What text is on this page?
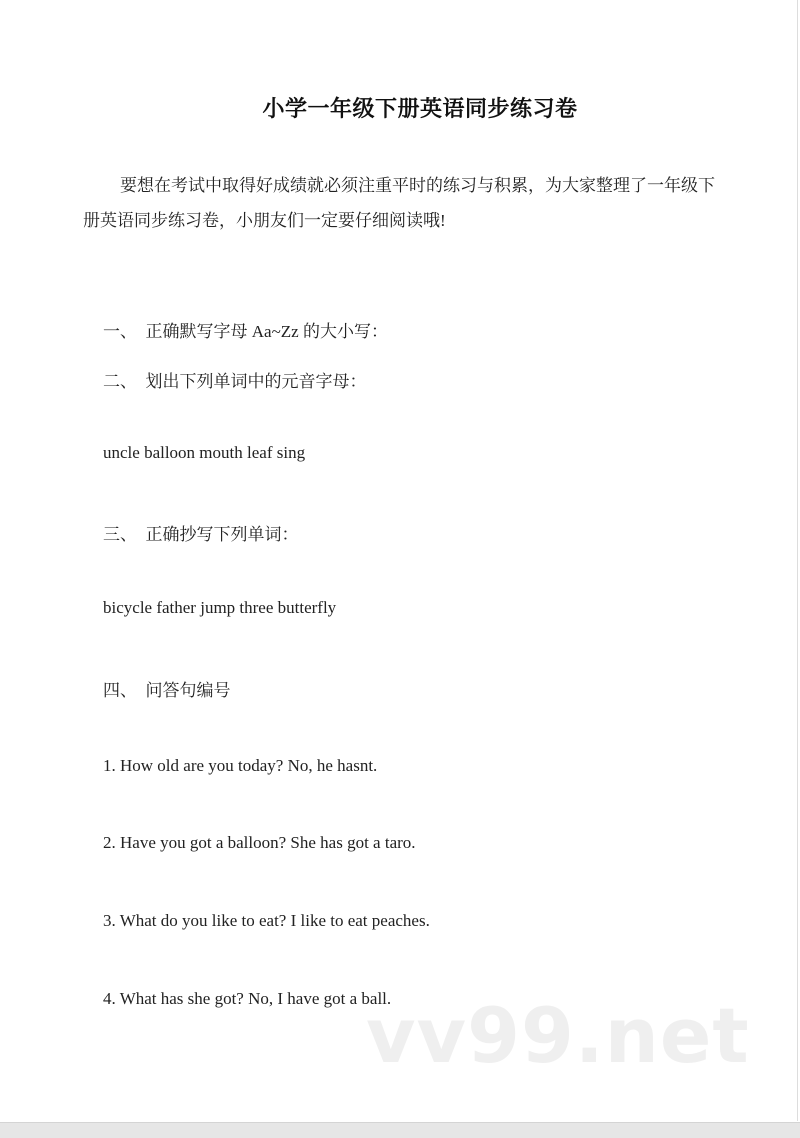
小学一年级下册英语同步练习卷
要想在考试中取得好成绩就必须注重平时的练习与积累，为大家整理了一年级下册英语同步练习卷，小朋友们一定要仔细阅读哦!
一、  正确默写字母 Aa~Zz 的大小写：
二、  划出下列单词中的元音字母：
uncle balloon mouth leaf sing
三、  正确抄写下列单词：
bicycle father jump three butterfly
四、  问答句编号
1. How old are you today? No, he hasnt.
2. Have you got a balloon? She has got a taro.
3. What do you like to eat? I like to eat peaches.
4. What has she got? No, I have got a ball.
vv99.net
